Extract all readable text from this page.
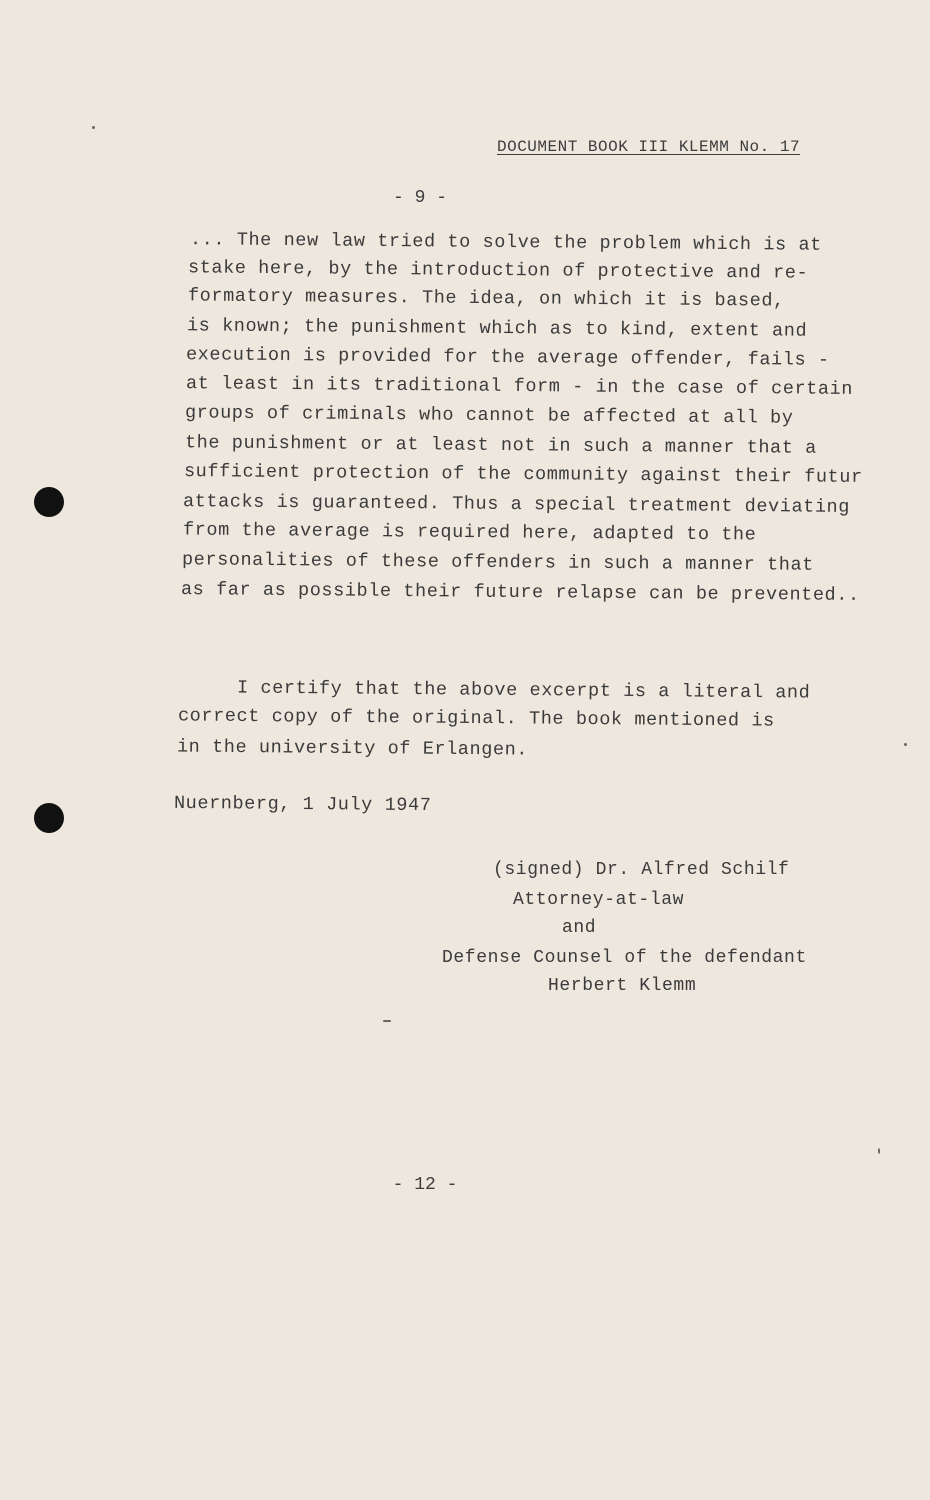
DOCUMENT BOOK III KLEMM No. 17
- 9 -
... The new law tried to solve the problem which is at
stake here, by the introduction of protective and re-
formatory measures. The idea, on which it is based,
is known; the punishment which as to kind, extent and
execution is provided for the average offender, fails -
at least in its traditional form - in the case of certain
groups of criminals who cannot be affected at all by
the punishment or at least not in such a manner that a
sufficient protection of the community against their futur
attacks is guaranteed. Thus a special treatment deviating
from the average is required here, adapted to the
personalities of these offenders in such a manner that
as far as possible their future relapse can be prevented..
I certify that the above excerpt is a literal and
correct copy of the original. The book mentioned is
in the university of Erlangen.
Nuernberg, 1 July 1947
(signed) Dr. Alfred Schilf
Attorney-at-law
and
Defense Counsel of the defendant
Herbert Klemm
- 12 -
